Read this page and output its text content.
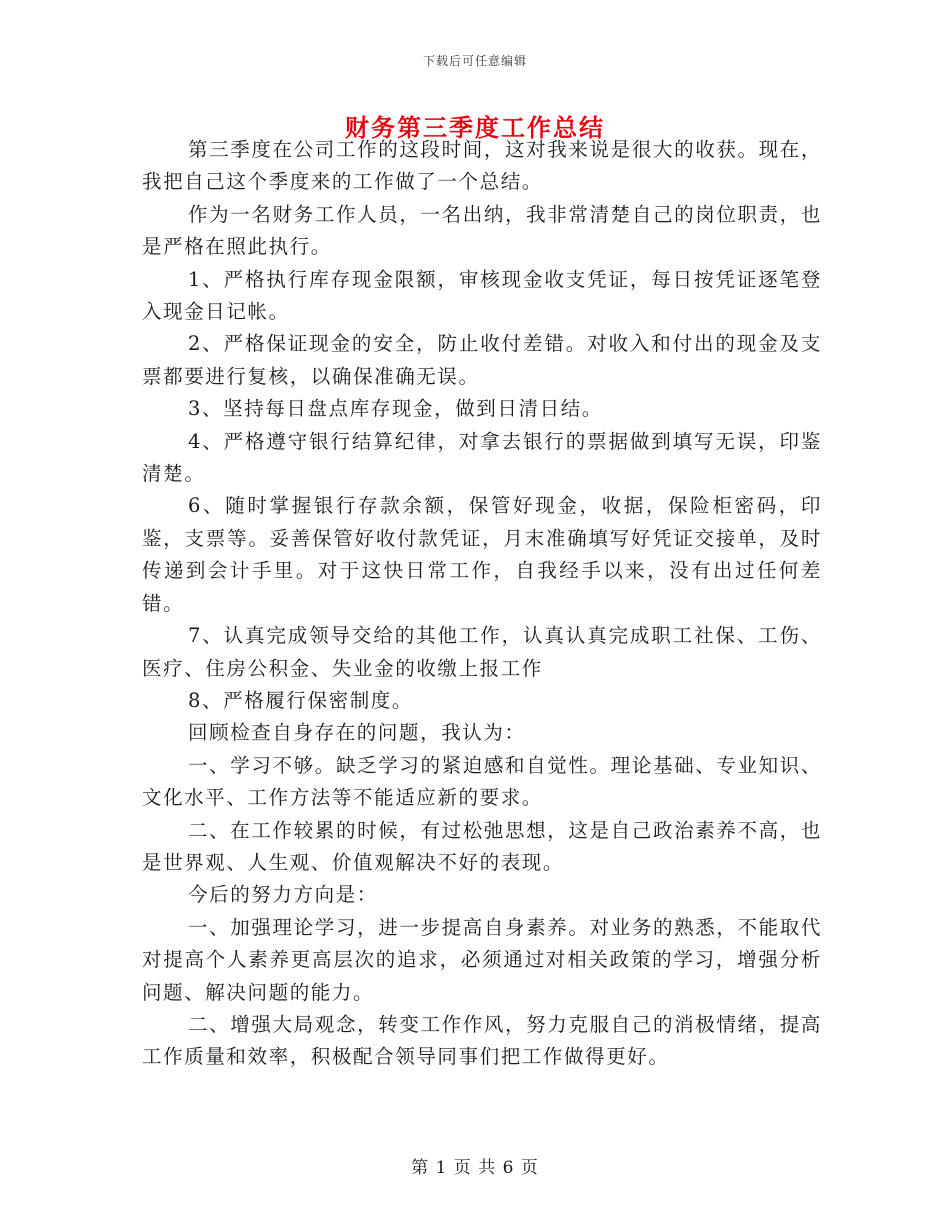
下载后可任意编辑
财务第三季度工作总结

第三季度在公司工作的这段时间，这对我来说是很大的收获。现在，我把自己这个季度来的工作做了一个总结。

作为一名财务工作人员，一名出纳，我非常清楚自己的岗位职责，也是严格在照此执行。

1、严格执行库存现金限额，审核现金收支凭证，每日按凭证逐笔登入现金日记帐。

2、严格保证现金的安全，防止收付差错。对收入和付出的现金及支票都要进行复核，以确保准确无误。

3、坚持每日盘点库存现金，做到日清日结。

4、严格遵守银行结算纪律，对拿去银行的票据做到填写无误，印鉴清楚。

6、随时掌握银行存款余额，保管好现金，收据，保险柜密码，印鉴，支票等。妥善保管好收付款凭证，月末准确填写好凭证交接单，及时传递到会计手里。对于这快日常工作，自我经手以来，没有出过任何差错。

7、认真完成领导交给的其他工作，认真认真完成职工社保、工伤、医疗、住房公积金、失业金的收缴上报工作

8、严格履行保密制度。

回顾检查自身存在的问题，我认为：

一、学习不够。缺乏学习的紧迫感和自觉性。理论基础、专业知识、文化水平、工作方法等不能适应新的要求。

二、在工作较累的时候，有过松弛思想，这是自己政治素养不高，也是世界观、人生观、价值观解决不好的表现。

今后的努力方向是：

一、加强理论学习，进一步提高自身素养。对业务的熟悉，不能取代对提高个人素养更高层次的追求，必须通过对相关政策的学习，增强分析问题、解决问题的能力。

二、增强大局观念，转变工作作风，努力克服自己的消极情绪，提高工作质量和效率，积极配合领导同事们把工作做得更好。

第 1 页 共 6 页
